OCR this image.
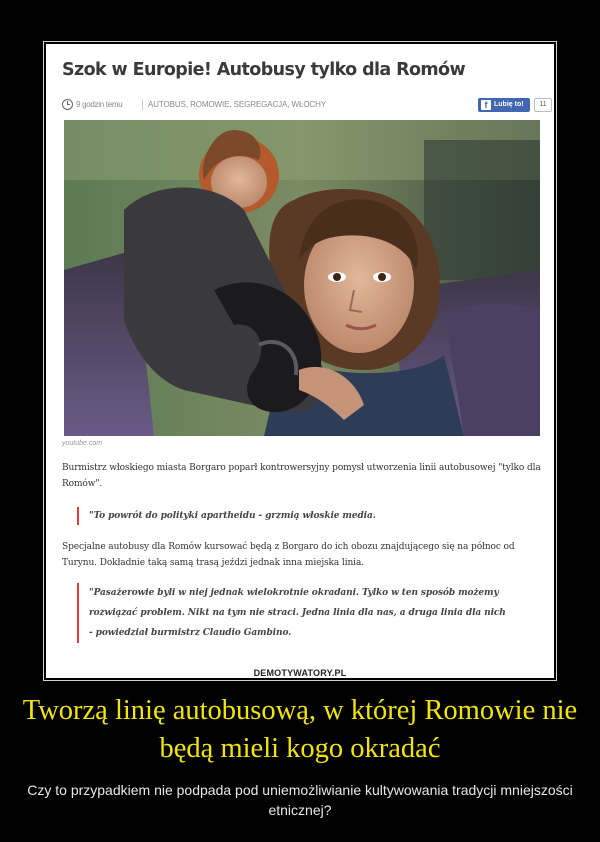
Szok w Europie! Autobusy tylko dla Romów
9 godzin temu	AUTOBUS, ROMOWIE, SEGREGACJA, WŁOCHY	f Lubię to!	11
youtube.com

Burmistrz włoskiego miasta Borgaro poparł kontrowersyjny pomysł utworzenia linii autobusowej "tylko dla Romów".

"To powrót do polityki apartheidu - grzmią włoskie media.

Specjalne autobusy dla Romów kursować będą z Borgaro do ich obozu znajdującego się na północ od Turynu. Dokładnie taką samą trasą jeździ jednak inna miejska linia.

"Pasażerowie byli w niej jednak wielokrotnie okradani. Tylko w ten sposób możemy rozwiązać problem. Nikt na tym nie straci. Jedna linia dla nas, a druga linia dla nich - powiedział burmistrz Claudio Gambino.

DEMOTYWATORY.PL
Tworzą linię autobusową, w której Romowie nie będą mieli kogo okradać
Czy to przypadkiem nie podpada pod uniemożliwianie kultywowania tradycji mniejszości etnicznej?
